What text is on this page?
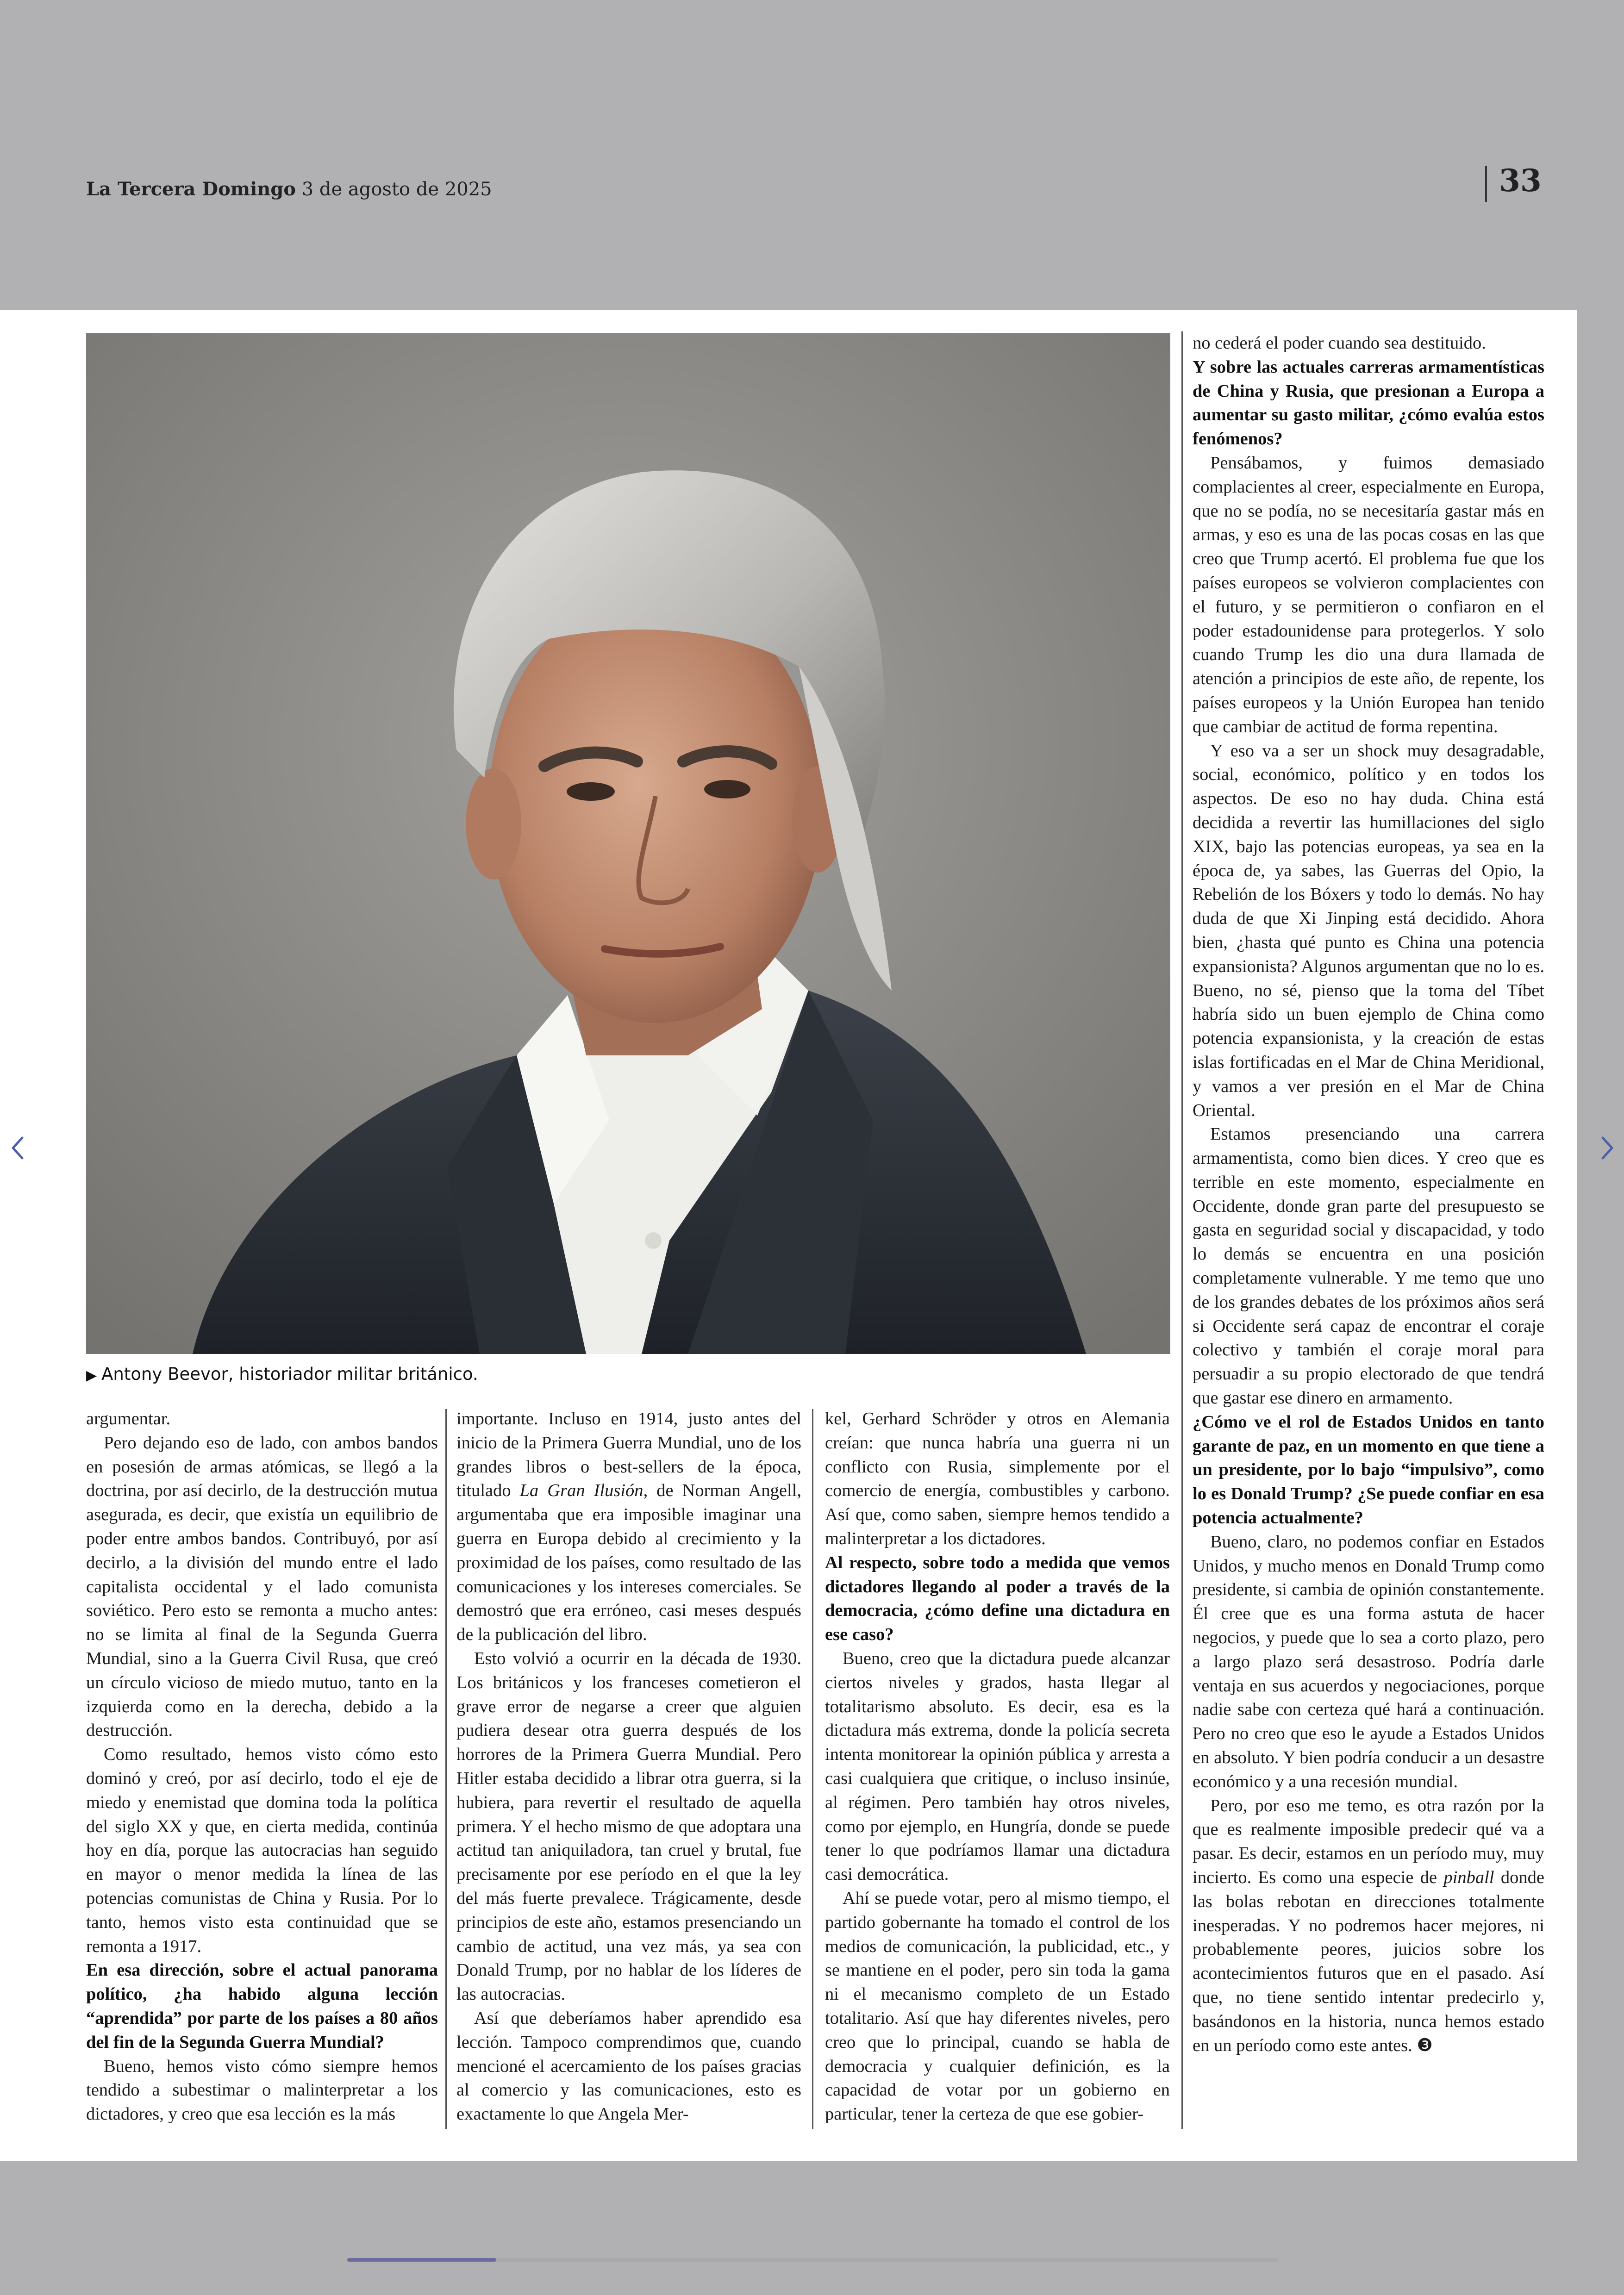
La Tercera Domingo 3 de agosto de 2025	33
▶ Antony Beevor, historiador militar británico.

argumentar.

Pero dejando eso de lado, con ambos bandos en posesión de armas atómicas, se llegó a la doctrina, por así decirlo, de la destrucción mutua asegurada, es decir, que existía un equilibrio de poder entre ambos bandos. Contribuyó, por así decirlo, a la división del mundo entre el lado capitalista occidental y el lado comunista soviético. Pero esto se remonta a mucho antes: no se limita al final de la Segunda Guerra Mundial, sino a la Guerra Civil Rusa, que creó un círculo vicioso de miedo mutuo, tanto en la izquierda como en la derecha, debido a la destrucción.

Como resultado, hemos visto cómo esto dominó y creó, por así decirlo, todo el eje de miedo y enemistad que domina toda la política del siglo XX y que, en cierta medida, continúa hoy en día, porque las autocracias han seguido en mayor o menor medida la línea de las potencias comunistas de China y Rusia. Por lo tanto, hemos visto esta continuidad que se remonta a 1917.

En esa dirección, sobre el actual panorama político, ¿ha habido alguna lección “aprendida” por parte de los países a 80 años del fin de la Segunda Guerra Mundial?

Bueno, hemos visto cómo siempre hemos tendido a subestimar o malinterpretar a los dictadores, y creo que esa lección es la más

importante. Incluso en 1914, justo antes del inicio de la Primera Guerra Mundial, uno de los grandes libros o best-sellers de la época, titulado La Gran Ilusión, de Norman Angell, argumentaba que era imposible imaginar una guerra en Europa debido al crecimiento y la proximidad de los países, como resultado de las comunicaciones y los intereses comerciales. Se demostró que era erróneo, casi meses después de la publicación del libro.

Esto volvió a ocurrir en la década de 1930. Los británicos y los franceses cometieron el grave error de negarse a creer que alguien pudiera desear otra guerra después de los horrores de la Primera Guerra Mundial. Pero Hitler estaba decidido a librar otra guerra, si la hubiera, para revertir el resultado de aquella primera. Y el hecho mismo de que adoptara una actitud tan aniquiladora, tan cruel y brutal, fue precisamente por ese período en el que la ley del más fuerte prevalece. Trágicamente, desde principios de este año, estamos presenciando un cambio de actitud, una vez más, ya sea con Donald Trump, por no hablar de los líderes de las autocracias.

Así que deberíamos haber aprendido esa lección. Tampoco comprendimos que, cuando mencioné el acercamiento de los países gracias al comercio y las comunicaciones, esto es exactamente lo que Angela Mer-

kel, Gerhard Schröder y otros en Alemania creían: que nunca habría una guerra ni un conflicto con Rusia, simplemente por el comercio de energía, combustibles y carbono. Así que, como saben, siempre hemos tendido a malinterpretar a los dictadores.

Al respecto, sobre todo a medida que vemos dictadores llegando al poder a través de la democracia, ¿cómo define una dictadura en ese caso?

Bueno, creo que la dictadura puede alcanzar ciertos niveles y grados, hasta llegar al totalitarismo absoluto. Es decir, esa es la dictadura más extrema, donde la policía secreta intenta monitorear la opinión pública y arresta a casi cualquiera que critique, o incluso insinúe, al régimen. Pero también hay otros niveles, como por ejemplo, en Hungría, donde se puede tener lo que podríamos llamar una dictadura casi democrática.

Ahí se puede votar, pero al mismo tiempo, el partido gobernante ha tomado el control de los medios de comunicación, la publicidad, etc., y se mantiene en el poder, pero sin toda la gama ni el mecanismo completo de un Estado totalitario. Así que hay diferentes niveles, pero creo que lo principal, cuando se habla de democracia y cualquier definición, es la capacidad de votar por un gobierno en particular, tener la certeza de que ese gobier-

no cederá el poder cuando sea destituido.

Y sobre las actuales carreras armamentísticas de China y Rusia, que presionan a Europa a aumentar su gasto militar, ¿cómo evalúa estos fenómenos?

Pensábamos, y fuimos demasiado complacientes al creer, especialmente en Europa, que no se podía, no se necesitaría gastar más en armas, y eso es una de las pocas cosas en las que creo que Trump acertó. El problema fue que los países europeos se volvieron complacientes con el futuro, y se permitieron o confiaron en el poder estadounidense para protegerlos. Y solo cuando Trump les dio una dura llamada de atención a principios de este año, de repente, los países europeos y la Unión Europea han tenido que cambiar de actitud de forma repentina.

Y eso va a ser un shock muy desagradable, social, económico, político y en todos los aspectos. De eso no hay duda. China está decidida a revertir las humillaciones del siglo XIX, bajo las potencias europeas, ya sea en la época de, ya sabes, las Guerras del Opio, la Rebelión de los Bóxers y todo lo demás. No hay duda de que Xi Jinping está decidido. Ahora bien, ¿hasta qué punto es China una potencia expansionista? Algunos argumentan que no lo es. Bueno, no sé, pienso que la toma del Tíbet habría sido un buen ejemplo de China como potencia expansionista, y la creación de estas islas fortificadas en el Mar de China Meridional, y vamos a ver presión en el Mar de China Oriental.

Estamos presenciando una carrera armamentista, como bien dices. Y creo que es terrible en este momento, especialmente en Occidente, donde gran parte del presupuesto se gasta en seguridad social y discapacidad, y todo lo demás se encuentra en una posición completamente vulnerable. Y me temo que uno de los grandes debates de los próximos años será si Occidente será capaz de encontrar el coraje colectivo y también el coraje moral para persuadir a su propio electorado de que tendrá que gastar ese dinero en armamento.

¿Cómo ve el rol de Estados Unidos en tanto garante de paz, en un momento en que tiene a un presidente, por lo bajo “impulsivo”, como lo es Donald Trump? ¿Se puede confiar en esa potencia actualmente?

Bueno, claro, no podemos confiar en Estados Unidos, y mucho menos en Donald Trump como presidente, si cambia de opinión constantemente. Él cree que es una forma astuta de hacer negocios, y puede que lo sea a corto plazo, pero a largo plazo será desastroso. Podría darle ventaja en sus acuerdos y negociaciones, porque nadie sabe con certeza qué hará a continuación. Pero no creo que eso le ayude a Estados Unidos en absoluto. Y bien podría conducir a un desastre económico y a una recesión mundial.

Pero, por eso me temo, es otra razón por la que es realmente imposible predecir qué va a pasar. Es decir, estamos en un período muy, muy incierto. Es como una especie de pinball donde las bolas rebotan en direcciones totalmente inesperadas. Y no podremos hacer mejores, ni probablemente peores, juicios sobre los acontecimientos futuros que en el pasado. Así que, no tiene sentido intentar predecirlo y, basándonos en la historia, nunca hemos estado en un período como este antes. ❸
